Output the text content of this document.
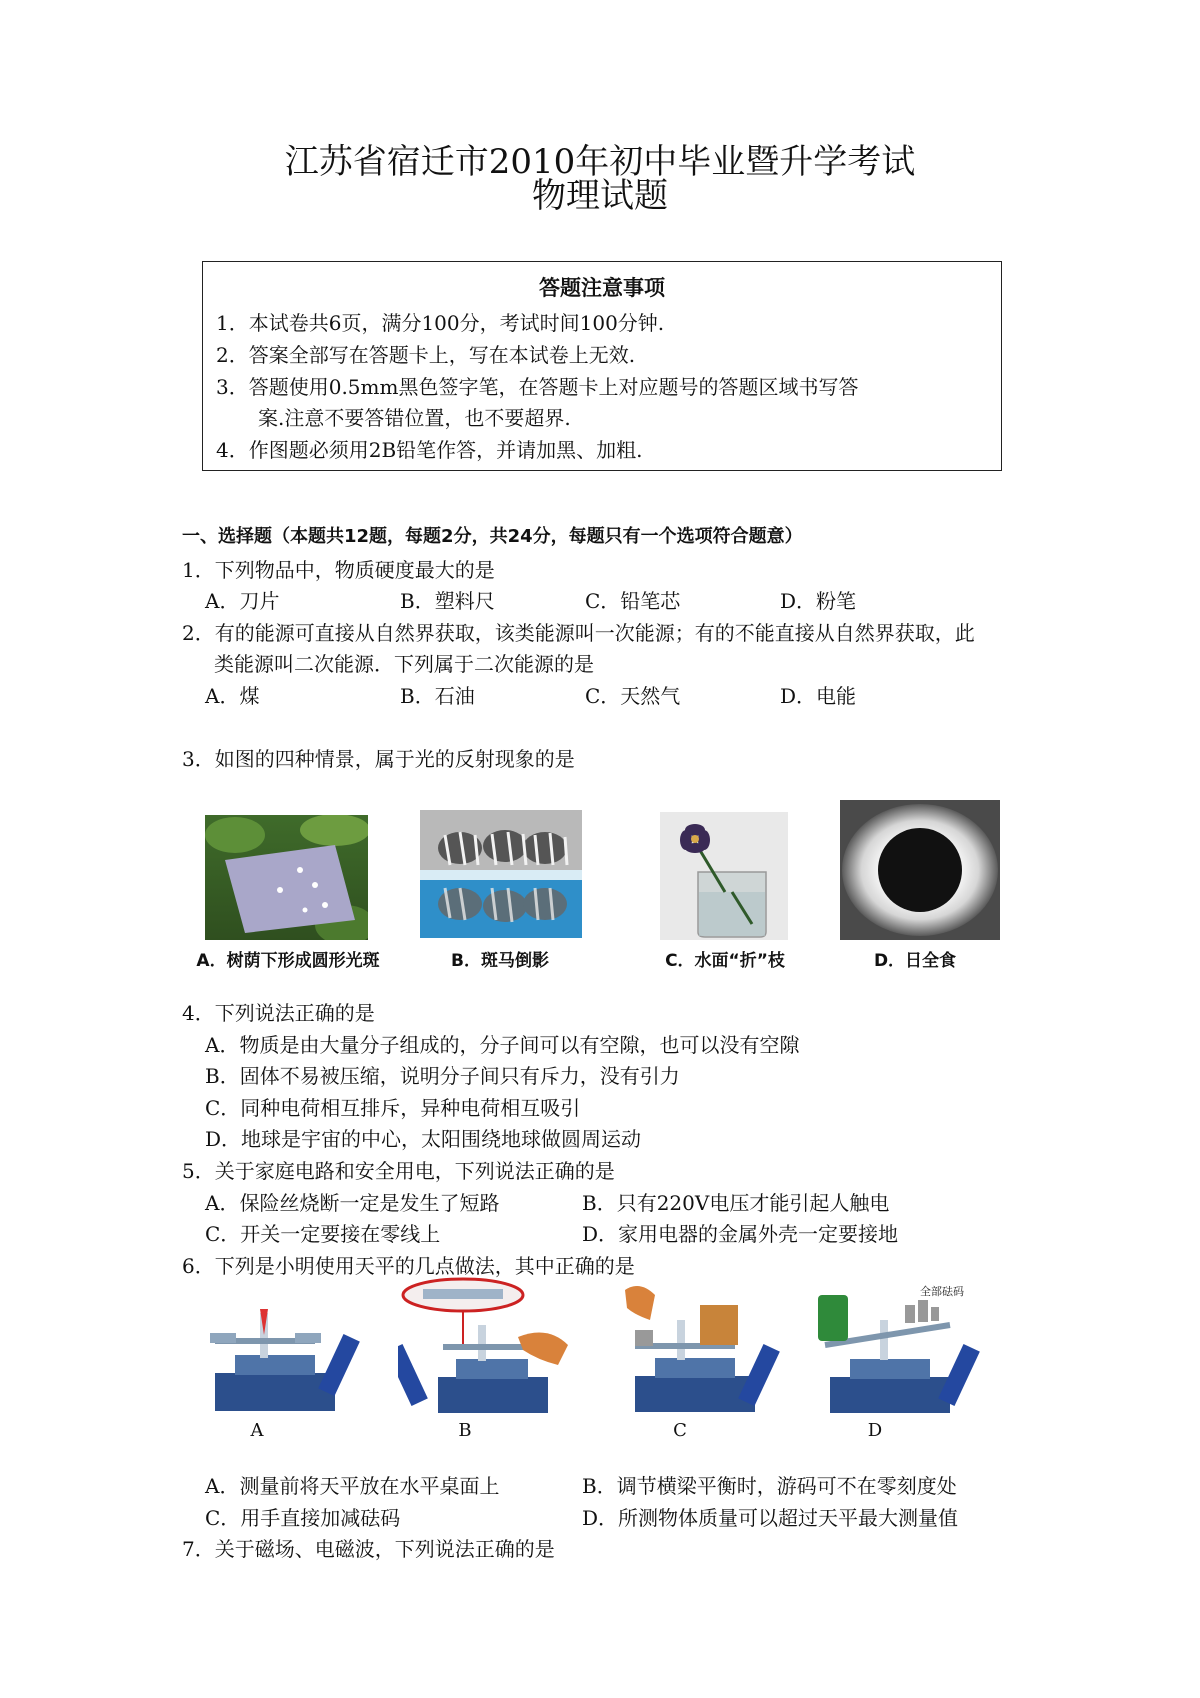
江苏省宿迁市2010年初中毕业暨升学考试
物理试题
答题注意事项
1．本试卷共6页，满分100分，考试时间100分钟.
2．答案全部写在答题卡上，写在本试卷上无效.
3．答题使用0.5mm黑色签字笔，在答题卡上对应题号的答题区域书写答
案.注意不要答错位置，也不要超界.
4．作图题必须用2B铅笔作答，并请加黑、加粗.
一、选择题（本题共12题，每题2分，共24分，每题只有一个选项符合题意）
1．下列物品中，物质硬度最大的是
A．刀片	B．塑料尺	C．铅笔芯	D．粉笔
2．有的能源可直接从自然界获取，该类能源叫一次能源；有的不能直接从自然界获取，此
类能源叫二次能源．下列属于二次能源的是
A．煤	B．石油	C．天然气	D．电能
3．如图的四种情景，属于光的反射现象的是
A．树荫下形成圆形光斑	B．斑马倒影	C．水面“折”枝	D．日全食
4．下列说法正确的是
A．物质是由大量分子组成的，分子间可以有空隙，也可以没有空隙
B．固体不易被压缩，说明分子间只有斥力，没有引力
C．同种电荷相互排斥，异种电荷相互吸引
D．地球是宇宙的中心，太阳围绕地球做圆周运动
5．关于家庭电路和安全用电，下列说法正确的是
A．保险丝烧断一定是发生了短路	B．只有220V电压才能引起人触电
C．开关一定要接在零线上	D．家用电器的金属外壳一定要接地
6．下列是小明使用天平的几点做法，其中正确的是
A	B	C
全部砝码
D
A．测量前将天平放在水平桌面上	B．调节横梁平衡时，游码可不在零刻度处
C．用手直接加减砝码	D．所测物体质量可以超过天平最大测量值
7．关于磁场、电磁波，下列说法正确的是
